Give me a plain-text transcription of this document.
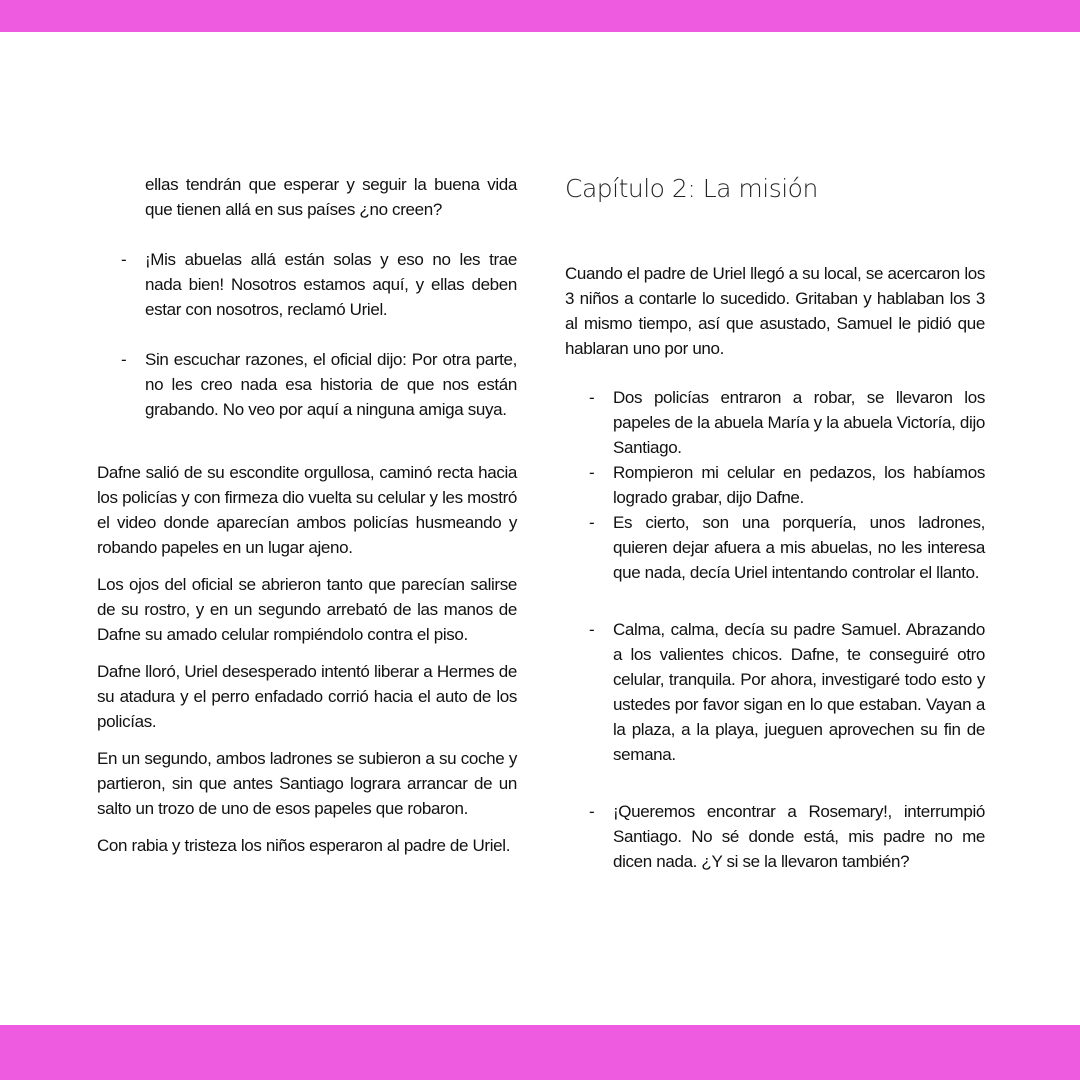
ellas tendrán que esperar y seguir la buena vida que tienen allá en sus países ¿no creen?
- ¡Mis abuelas allá están solas y eso no les trae nada bien! Nosotros estamos aquí, y ellas deben estar con nosotros, reclamó Uriel.
- Sin escuchar razones, el oficial dijo: Por otra parte, no les creo nada esa historia de que nos están grabando. No veo por aquí a ninguna amiga suya.

Dafne salió de su escondite orgullosa, caminó recta hacia los policías y con firmeza dio vuelta su celular y les mostró el video donde aparecían ambos policías husmeando y robando papeles en un lugar ajeno.

Los ojos del oficial se abrieron tanto que parecían salirse de su rostro, y en un segundo arrebató de las manos de Dafne su amado celular rompiéndolo contra el piso.

Dafne lloró, Uriel desesperado intentó liberar a Hermes de su atadura y el perro enfadado corrió hacia el auto de los policías.

En un segundo, ambos ladrones se subieron a su coche y partieron, sin que antes Santiago lograra arrancar de un salto un trozo de uno de esos papeles que robaron.

Con rabia y tristeza los niños esperaron al padre de Uriel.

Capítulo 2: La misión

Cuando el padre de Uriel llegó a su local, se acercaron los 3 niños a contarle lo sucedido. Gritaban y hablaban los 3 al mismo tiempo, así que asustado, Samuel le pidió que hablaran uno por uno.

- Dos policías entraron a robar, se llevaron los papeles de la abuela María y la abuela Victoría, dijo Santiago.
- Rompieron mi celular en pedazos, los habíamos logrado grabar, dijo Dafne.
- Es cierto, son una porquería, unos ladrones, quieren dejar afuera a mis abuelas, no les interesa que nada, decía Uriel intentando controlar el llanto.
- Calma, calma, decía su padre Samuel. Abrazando a los valientes chicos. Dafne, te conseguiré otro celular, tranquila. Por ahora, investigaré todo esto y ustedes por favor sigan en lo que estaban. Vayan a la plaza, a la playa, jueguen aprovechen su fin de semana.
- ¡Queremos encontrar a Rosemary!, interrumpió Santiago. No sé donde está, mis padre no me dicen nada. ¿Y si se la llevaron también?
